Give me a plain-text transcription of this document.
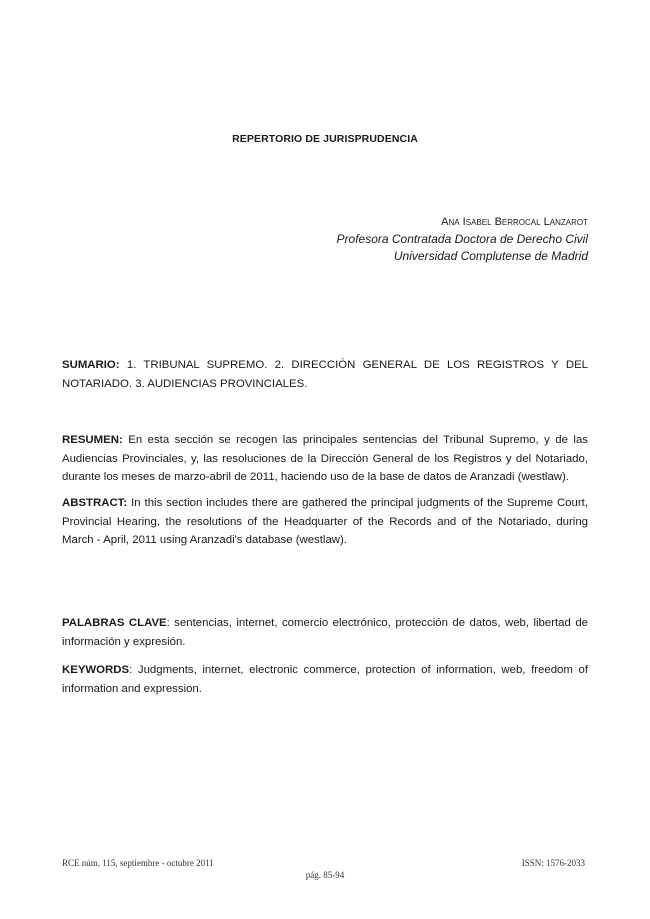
REPERTORIO DE JURISPRUDENCIA
Ana Isabel Berrocal Lanzarot
Profesora Contratada Doctora de Derecho Civil
Universidad Complutense de Madrid
SUMARIO: 1. TRIBUNAL SUPREMO. 2. DIRECCIÓN GENERAL DE LOS REGISTROS Y DEL NOTARIADO. 3. AUDIENCIAS PROVINCIALES.
RESUMEN: En esta sección se recogen las principales sentencias del Tribunal Supremo, y de las Audiencias Provinciales, y, las resoluciones de la Dirección General de los Registros y del Notariado, durante los meses de marzo-abril de 2011, haciendo uso de la base de datos de Aranzadi (westlaw).
ABSTRACT: In this section includes there are gathered the principal judgments of the Supreme Court, Provincial Hearing, the resolutions of the Headquarter of the Records and of the Notariado, during March - April, 2011 using Aranzadi's database (westlaw).
PALABRAS CLAVE: sentencias, internet, comercio electrónico, protección de datos, web, libertad de información y expresión.
KEYWORDS: Judgments, internet, electronic commerce, protection of information, web, freedom of information and expression.
RCE núm. 115, septiembre - octubre 2011	ISSN: 1576-2033
pág. 85-94
